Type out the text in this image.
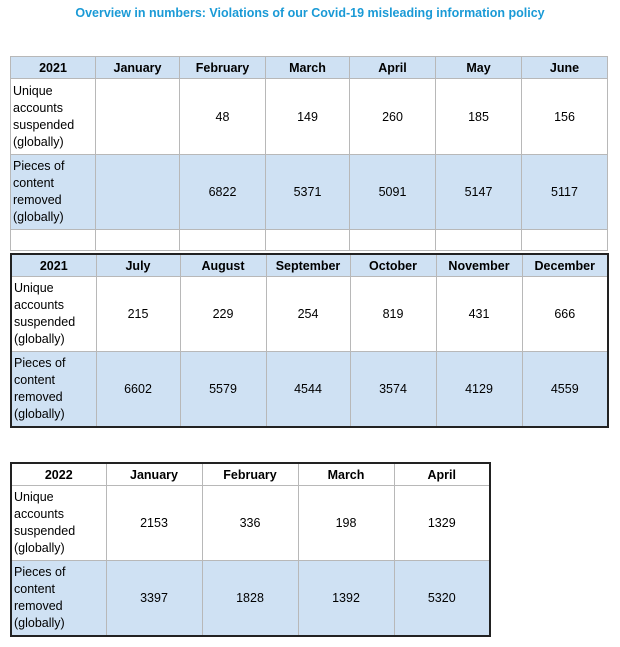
Overview in numbers: Violations of our Covid-19 misleading information policy
2021	January	February	March	April	May	June
Unique
accounts
suspended
(globally)		48	149	260	185	156
Pieces of
content
removed
(globally)		6822	5371	5091	5147	5117

2021	July	August	September	October	November	December
Unique
accounts
suspended
(globally)	215	229	254	819	431	666
Pieces of
content
removed
(globally)	6602	5579	4544	3574	4129	4559
2022	January	February	March	April
Unique
accounts
suspended
(globally)	2153	336	198	1329
Pieces of
content
removed
(globally)	3397	1828	1392	5320
